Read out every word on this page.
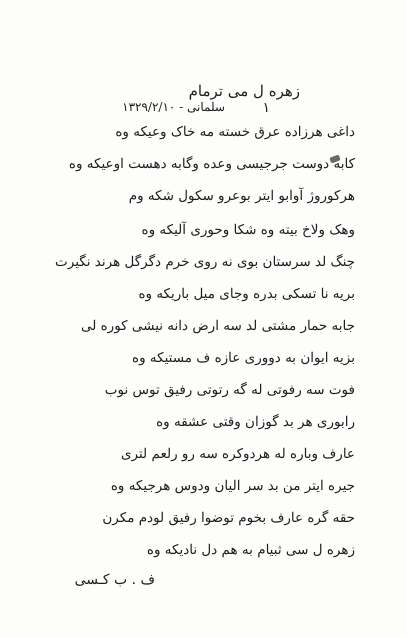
زهره ل می ترمام
۱
سلمانی - ۱۳۲۹/۲/۱۰
داغی هرزاده عرق خسته مه خاک وعیکه وه
کابه دوست جرجیسی وعده وگابه دهست اوعیکه وه
هرکوروژ آوابو ایتر بوعرو سکول شکه وم
وهک ولاخ بیته وه شکا وحوری آلیکه وه
چنگ لد سرستان بوی نه روی خرم دگرگل هرند نگیرت
بریه نا تسکی بدره وجای میل باریکه وه
جابه حمار مشتی لد سه ارض دانه نیشی کوره لی
بزیه ایوان به دووری عازه ف مستیکه وه
فوت سه رفوتی له گه رتوتی رفیق توس نوب
رابوری هر بد گوزان وقتی عشقه وه
عارف وباره له هردوکره سه رو رلعم لتری
جیره ایتر من بد سر الیان ودوس هرجیکه وه
حقه گره عارف بخوم توضوا رفیق لودم مکرن
زهره ل سی ثبیام به هم دل نادیکه وه
ف . ب کـسی
